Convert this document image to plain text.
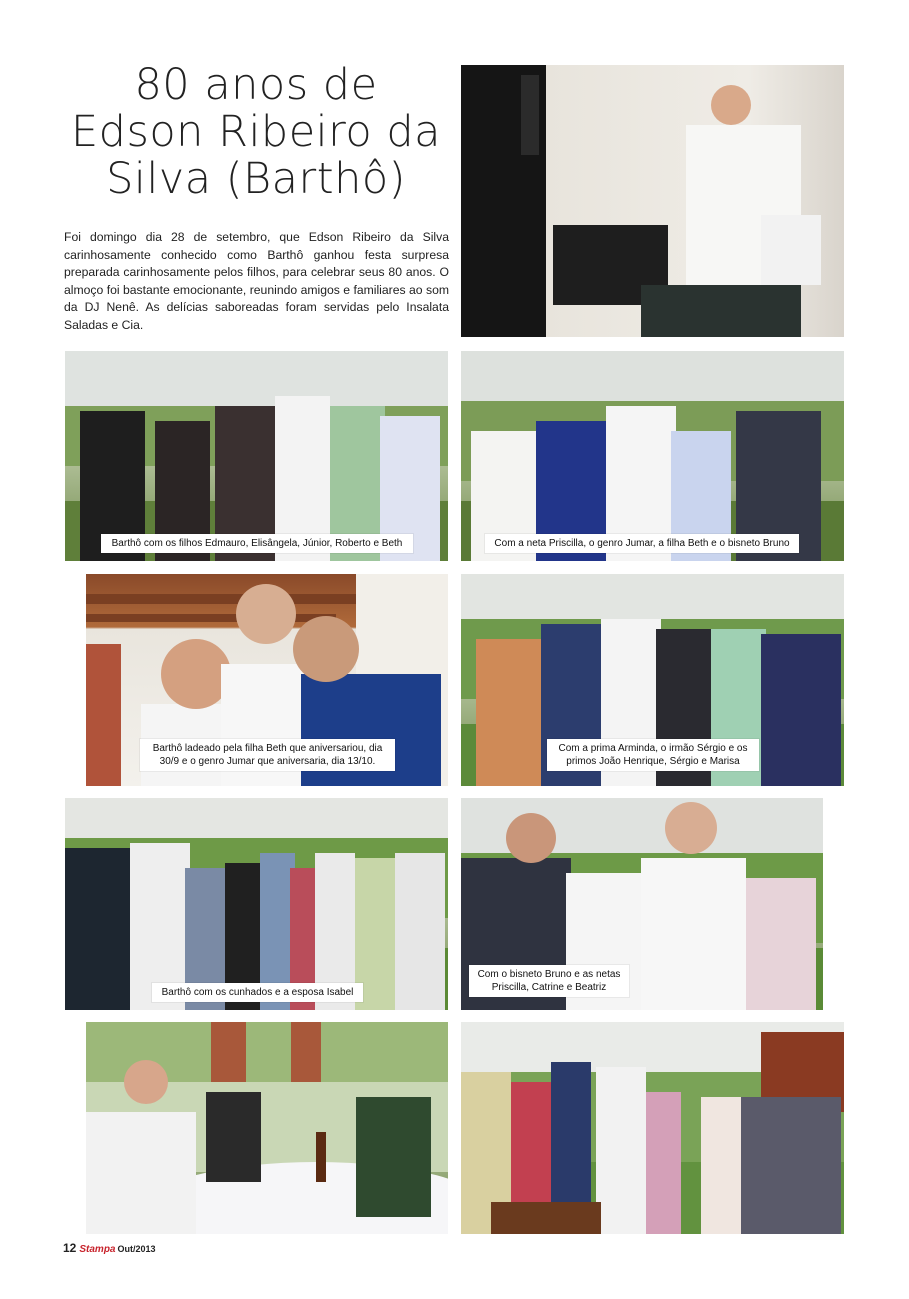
80 anos de
Edson Ribeiro da
Silva (Barthô)

Foi domingo dia 28 de setembro, que Edson Ribeiro da Silva carinhosamente conhecido como Barthô ganhou festa surpresa preparada carinhosamente pelos filhos, para celebrar seus 80 anos. O almoço foi bastante emocionante, reunindo amigos e familiares ao som da DJ Nenê. As delícias saboreadas foram servidas pelo Insalata Saladas e Cia.

Barthô com os filhos Edmauro, Elisângela, Júnior, Roberto e Beth	Com a neta Priscilla, o genro Jumar, a filha Beth e o bisneto Bruno
Barthô ladeado pela filha Beth que aniversariou, dia 30/9 e o genro Jumar que aniversaria, dia 13/10.
Com a prima Arminda, o irmão Sérgio e os primos João Henrique, Sérgio e Marisa
Barthô com os cunhados e a esposa Isabel
Com o bisneto Bruno e as netas Priscilla, Catrine e Beatriz
12 Stampa Out/2013
